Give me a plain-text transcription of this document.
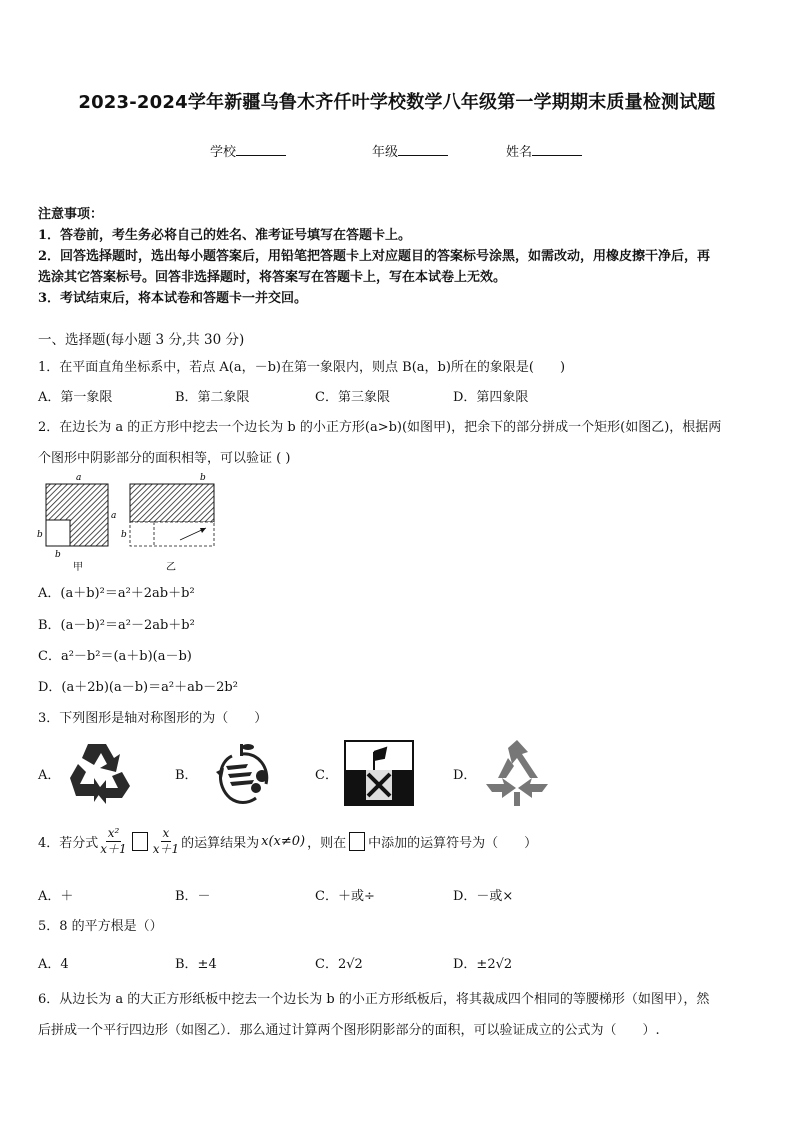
2023-2024学年新疆乌鲁木齐仟叶学校数学八年级第一学期期末质量检测试题
学校	年级	姓名
注意事项：
1．答卷前，考生务必将自己的姓名、准考证号填写在答题卡上。
2．回答选择题时，选出每小题答案后，用铅笔把答题卡上对应题目的答案标号涂黑，如需改动，用橡皮擦干净后，再
选涂其它答案标号。回答非选择题时，将答案写在答题卡上，写在本试卷上无效。
3．考试结束后，将本试卷和答题卡一并交回。
一、选择题(每小题 3 分,共 30 分)
1．在平面直角坐标系中，若点 A(a，－b)在第一象限内，则点 B(a，b)所在的象限是(　　)
A．第一象限	B．第二象限	C．第三象限	D．第四象限
2．在边长为 a 的正方形中挖去一个边长为 b 的小正方形(a>b)(如图甲)，把余下的部分拼成一个矩形(如图乙)，根据两
个图形中阴影部分的面积相等，可以验证 ( )
a
a
b
b
甲
b
b
乙
A．(a＋b)²＝a²＋2ab＋b²
B．(a－b)²＝a²－2ab＋b²
C．a²－b²＝(a＋b)(a－b)
D．(a＋2b)(a－b)＝a²＋ab－2b²
3．下列图形是轴对称图形的为（　　）
A．	B．	C．	D．
4．若分式 $\frac{\text{x²}}{x+1} \frac{x}{x+1}$ 的运算结果为 x(x≠0) ，则在 中添加的运算符号为（　　）
A．＋	B．－	C．＋或÷	D．－或×
5．8 的平方根是（）
A．4	B．±4	C．2√2	D．±2√2
6．从边长为 a 的大正方形纸板中挖去一个边长为 b 的小正方形纸板后，将其裁成四个相同的等腰梯形（如图甲），然
后拼成一个平行四边形（如图乙）．那么通过计算两个图形阴影部分的面积，可以验证成立的公式为（　　）.
